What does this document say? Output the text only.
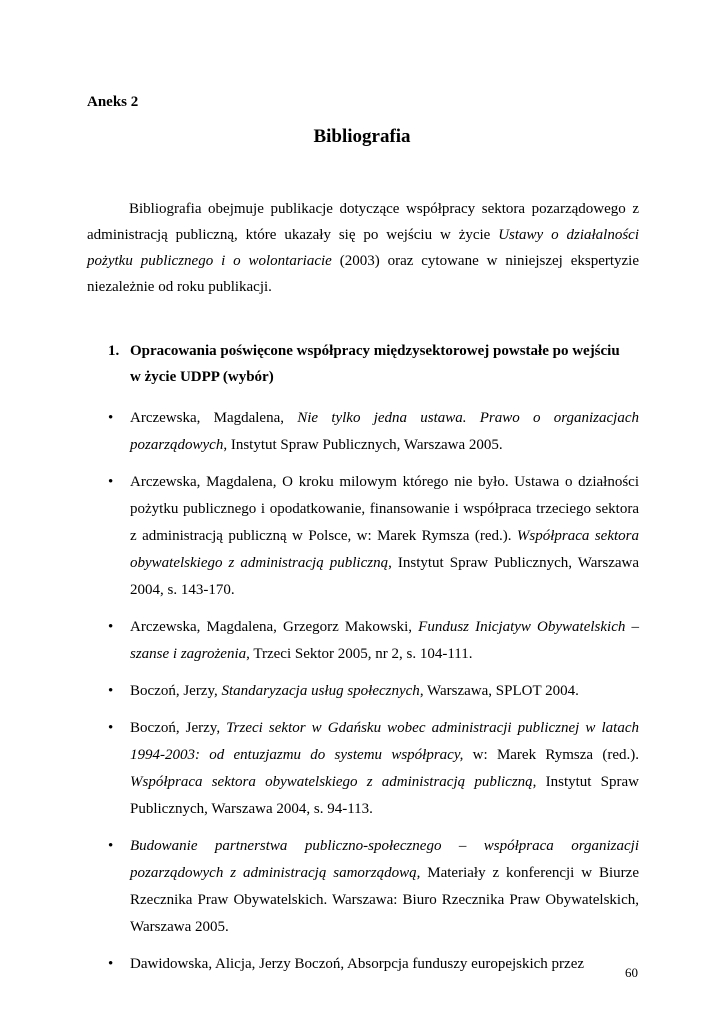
Aneks 2
Bibliografia

Bibliografia obejmuje publikacje dotyczące współpracy sektora pozarządowego z administracją publiczną, które ukazały się po wejściu w życie Ustawy o działalności pożytku publicznego i o wolontariacie (2003) oraz cytowane w niniejszej ekspertyzie niezależnie od roku publikacji.

1. Opracowania poświęcone współpracy międzysektorowej powstałe po wejściu w życie UDPP (wybór)
• Arczewska, Magdalena, Nie tylko jedna ustawa. Prawo o organizacjach pozarządowych, Instytut Spraw Publicznych, Warszawa 2005.
• Arczewska, Magdalena, O kroku milowym którego nie było. Ustawa o działności pożytku publicznego i opodatkowanie, finansowanie i współpraca trzeciego sektora z administracją publiczną w Polsce, w: Marek Rymsza (red.). Współpraca sektora obywatelskiego z administracją publiczną, Instytut Spraw Publicznych, Warszawa 2004, s. 143-170.
• Arczewska, Magdalena, Grzegorz Makowski, Fundusz Inicjatyw Obywatelskich – szanse i zagrożenia, Trzeci Sektor 2005, nr 2, s. 104-111.
• Boczoń, Jerzy, Standaryzacja usług społecznych, Warszawa, SPLOT 2004.
• Boczoń, Jerzy, Trzeci sektor w Gdańsku wobec administracji publicznej w latach 1994-2003: od entuzjazmu do systemu współpracy, w: Marek Rymsza (red.). Współpraca sektora obywatelskiego z administracją publiczną, Instytut Spraw Publicznych, Warszawa 2004, s. 94-113.
• Budowanie partnerstwa publiczno-społecznego – współpraca organizacji pozarządowych z administracją samorządową, Materiały z konferencji w Biurze Rzecznika Praw Obywatelskich. Warszawa: Biuro Rzecznika Praw Obywatelskich, Warszawa 2005.
• Dawidowska, Alicja, Jerzy Boczoń, Absorpcja funduszy europejskich przez
60
